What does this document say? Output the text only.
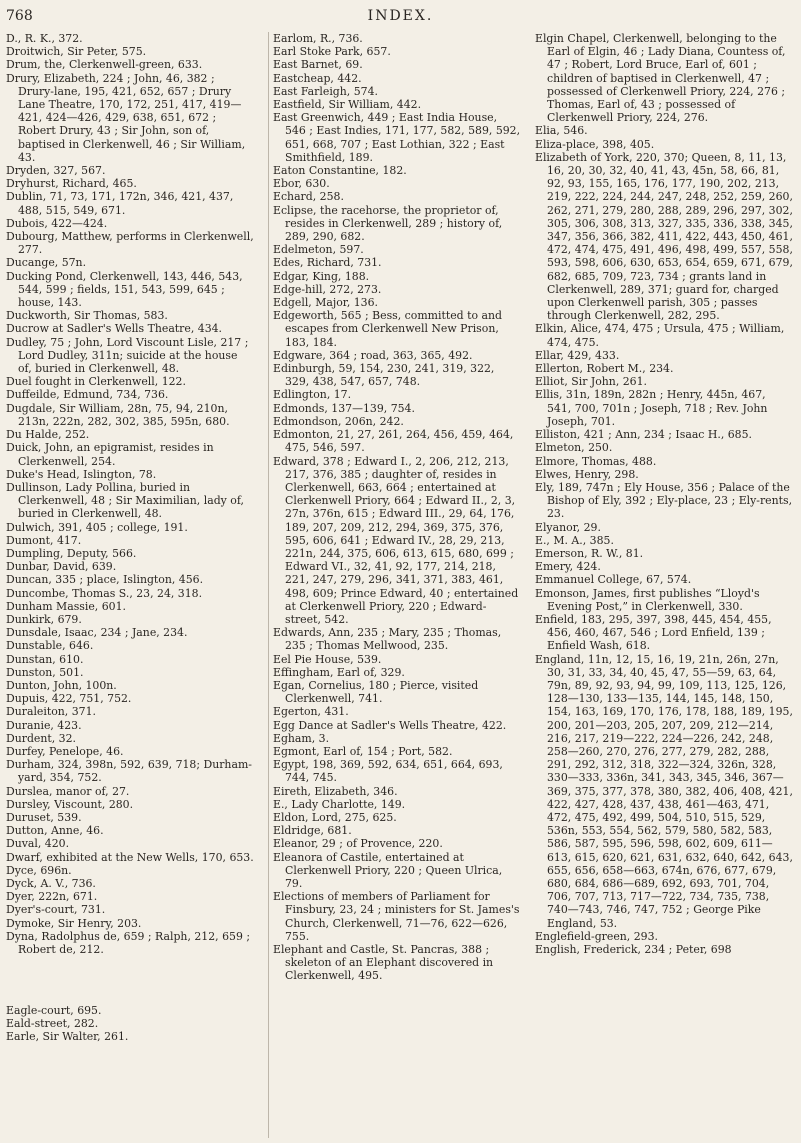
768	INDEX.

D., R. K., 372.

Droitwich, Sir Peter, 575.

Drum, the, Clerkenwell-green, 633.

Drury, Elizabeth, 224 ; John, 46, 382 ; Drury-lane, 195, 421, 652, 657 ; Drury Lane Theatre, 170, 172, 251, 417, 419—421, 424—426, 429, 638, 651, 672 ; Robert Drury, 43 ; Sir John, son of, baptised in Clerkenwell, 46 ; Sir William, 43.

Dryden, 327, 567.

Dryhurst, Richard, 465.

Dublin, 71, 73, 171, 172n, 346, 421, 437, 488, 515, 549, 671.

Dubois, 422—424.

Dubourg, Matthew, performs in Clerkenwell, 277.

Ducange, 57n.

Ducking Pond, Clerkenwell, 143, 446, 543, 544, 599 ; fields, 151, 543, 599, 645 ; house, 143.

Duckworth, Sir Thomas, 583.

Ducrow at Sadler's Wells Theatre, 434.

Dudley, 75 ; John, Lord Viscount Lisle, 217 ; Lord Dudley, 311n; suicide at the house of, buried in Clerkenwell, 48.

Duel fought in Clerkenwell, 122.

Duffeilde, Edmund, 734, 736.

Dugdale, Sir William, 28n, 75, 94, 210n, 213n, 222n, 282, 302, 385, 595n, 680.

Du Halde, 252.

Duick, John, an epigramist, resides in Clerkenwell, 254.

Duke's Head, Islington, 78.

Dullinson, Lady Pollina, buried in Clerkenwell, 48 ; Sir Maximilian, lady of, buried in Clerkenwell, 48.

Dulwich, 391, 405 ; college, 191.

Dumont, 417.

Dumpling, Deputy, 566.

Dunbar, David, 639.

Duncan, 335 ; place, Islington, 456.

Duncombe, Thomas S., 23, 24, 318.

Dunham Massie, 601.

Dunkirk, 679.

Dunsdale, Isaac, 234 ; Jane, 234.

Dunstable, 646.

Dunstan, 610.

Dunston, 501.

Dunton, John, 100n.

Dupuis, 422, 751, 752.

Duraleiton, 371.

Duranie, 423.

Durdent, 32.

Durfey, Penelope, 46.

Durham, 324, 398n, 592, 639, 718; Durham-yard, 354, 752.

Durslea, manor of, 27.

Dursley, Viscount, 280.

Duruset, 539.

Dutton, Anne, 46.

Duval, 420.

Dwarf, exhibited at the New Wells, 170, 653.

Dyce, 696n.

Dyck, A. V., 736.

Dyer, 222n, 671.

Dyer's-court, 731.

Dymoke, Sir Henry, 203.

Dyna, Radolphus de, 659 ; Ralph, 212, 659 ; Robert de, 212.

Eagle-court, 695.

Eald-street, 282.

Earle, Sir Walter, 261.

Earlom, R., 736.

Earl Stoke Park, 657.

East Barnet, 69.

Eastcheap, 442.

East Farleigh, 574.

Eastfield, Sir William, 442.

East Greenwich, 449 ; East India House, 546 ; East Indies, 171, 177, 582, 589, 592, 651, 668, 707 ; East Lothian, 322 ; East Smithfield, 189.

Eaton Constantine, 182.

Ebor, 630.

Echard, 258.

Eclipse, the racehorse, the proprietor of, resides in Clerkenwell, 289 ; history of, 289, 290, 682.

Edelmeton, 597.

Edes, Richard, 731.

Edgar, King, 188.

Edge-hill, 272, 273.

Edgell, Major, 136.

Edgeworth, 565 ; Bess, committed to and escapes from Clerkenwell New Prison, 183, 184.

Edgware, 364 ; road, 363, 365, 492.

Edinburgh, 59, 154, 230, 241, 319, 322, 329, 438, 547, 657, 748.

Edlington, 17.

Edmonds, 137—139, 754.

Edmondson, 206n, 242.

Edmonton, 21, 27, 261, 264, 456, 459, 464, 475, 546, 597.

Edward, 378 ; Edward I., 2, 206, 212, 213, 217, 376, 385 ; daughter of, resides in Clerkenwell, 663, 664 ; entertained at Clerkenwell Priory, 664 ; Edward II., 2, 3, 27n, 376n, 615 ; Edward III., 29, 64, 176, 189, 207, 209, 212, 294, 369, 375, 376, 595, 606, 641 ; Edward IV., 28, 29, 213, 221n, 244, 375, 606, 613, 615, 680, 699 ; Edward VI., 32, 41, 92, 177, 214, 218, 221, 247, 279, 296, 341, 371, 383, 461, 498, 609; Prince Edward, 40 ; entertained at Clerkenwell Priory, 220 ; Edward-street, 542.

Edwards, Ann, 235 ; Mary, 235 ; Thomas, 235 ; Thomas Mellwood, 235.

Eel Pie House, 539.

Effingham, Earl of, 329.

Egan, Cornelius, 180 ; Pierce, visited Clerkenwell, 741.

Egerton, 431.

Egg Dance at Sadler's Wells Theatre, 422.

Egham, 3.

Egmont, Earl of, 154 ; Port, 582.

Egypt, 198, 369, 592, 634, 651, 664, 693, 744, 745.

Eireth, Elizabeth, 346.

E., Lady Charlotte, 149.

Eldon, Lord, 275, 625.

Eldridge, 681.

Eleanor, 29 ; of Provence, 220.

Eleanora of Castile, entertained at Clerkenwell Priory, 220 ; Queen Ulrica, 79.

Elections of members of Parliament for Finsbury, 23, 24 ; ministers for St. James's Church, Clerkenwell, 71—76, 622—626, 755.

Elephant and Castle, St. Pancras, 388 ; skeleton of an Elephant discovered in Clerkenwell, 495.

Elgin Chapel, Clerkenwell, belonging to the Earl of Elgin, 46 ; Lady Diana, Countess of, 47 ; Robert, Lord Bruce, Earl of, 601 ; children of baptised in Clerkenwell, 47 ; possessed of Clerkenwell Priory, 224, 276 ; Thomas, Earl of, 43 ; possessed of Clerkenwell Priory, 224, 276.

Elia, 546.

Eliza-place, 398, 405.

Elizabeth of York, 220, 370; Queen, 8, 11, 13, 16, 20, 30, 32, 40, 41, 43, 45n, 58, 66, 81, 92, 93, 155, 165, 176, 177, 190, 202, 213, 219, 222, 224, 244, 247, 248, 252, 259, 260, 262, 271, 279, 280, 288, 289, 296, 297, 302, 305, 306, 308, 313, 327, 335, 336, 338, 345, 347, 356, 366, 382, 411, 422, 443, 450, 461, 472, 474, 475, 491, 496, 498, 499, 557, 558, 593, 598, 606, 630, 653, 654, 659, 671, 679, 682, 685, 709, 723, 734 ; grants land in Clerkenwell, 289, 371; guard for, charged upon Clerkenwell parish, 305 ; passes through Clerkenwell, 282, 295.

Elkin, Alice, 474, 475 ; Ursula, 475 ; William, 474, 475.

Ellar, 429, 433.

Ellerton, Robert M., 234.

Elliot, Sir John, 261.

Ellis, 31n, 189n, 282n ; Henry, 445n, 467, 541, 700, 701n ; Joseph, 718 ; Rev. John Joseph, 701.

Elliston, 421 ; Ann, 234 ; Isaac H., 685.

Elmeton, 250.

Elmore, Thomas, 488.

Elwes, Henry, 298.

Ely, 189, 747n ; Ely House, 356 ; Palace of the Bishop of Ely, 392 ; Ely-place, 23 ; Ely-rents, 23.

Elyanor, 29.

E., M. A., 385.

Emerson, R. W., 81.

Emery, 424.

Emmanuel College, 67, 574.

Emonson, James, first publishes “Lloyd's Evening Post,” in Clerkenwell, 330.

Enfield, 183, 295, 397, 398, 445, 454, 455, 456, 460, 467, 546 ; Lord Enfield, 139 ; Enfield Wash, 618.

England, 11n, 12, 15, 16, 19, 21n, 26n, 27n, 30, 31, 33, 34, 40, 45, 47, 55—59, 63, 64, 79n, 89, 92, 93, 94, 99, 109, 113, 125, 126, 128—130, 133—135, 144, 145, 148, 150, 154, 163, 169, 170, 176, 178, 188, 189, 195, 200, 201—203, 205, 207, 209, 212—214, 216, 217, 219—222, 224—226, 242, 248, 258—260, 270, 276, 277, 279, 282, 288, 291, 292, 312, 318, 322—324, 326n, 328, 330—333, 336n, 341, 343, 345, 346, 367—369, 375, 377, 378, 380, 382, 406, 408, 421, 422, 427, 428, 437, 438, 461—463, 471, 472, 475, 492, 499, 504, 510, 515, 529, 536n, 553, 554, 562, 579, 580, 582, 583, 586, 587, 595, 596, 598, 602, 609, 611—613, 615, 620, 621, 631, 632, 640, 642, 643, 655, 656, 658—663, 674n, 676, 677, 679, 680, 684, 686—689, 692, 693, 701, 704, 706, 707, 713, 717—722, 734, 735, 738, 740—743, 746, 747, 752 ; George Pike England, 53.

Englefield-green, 293.

English, Frederick, 234 ; Peter, 698
